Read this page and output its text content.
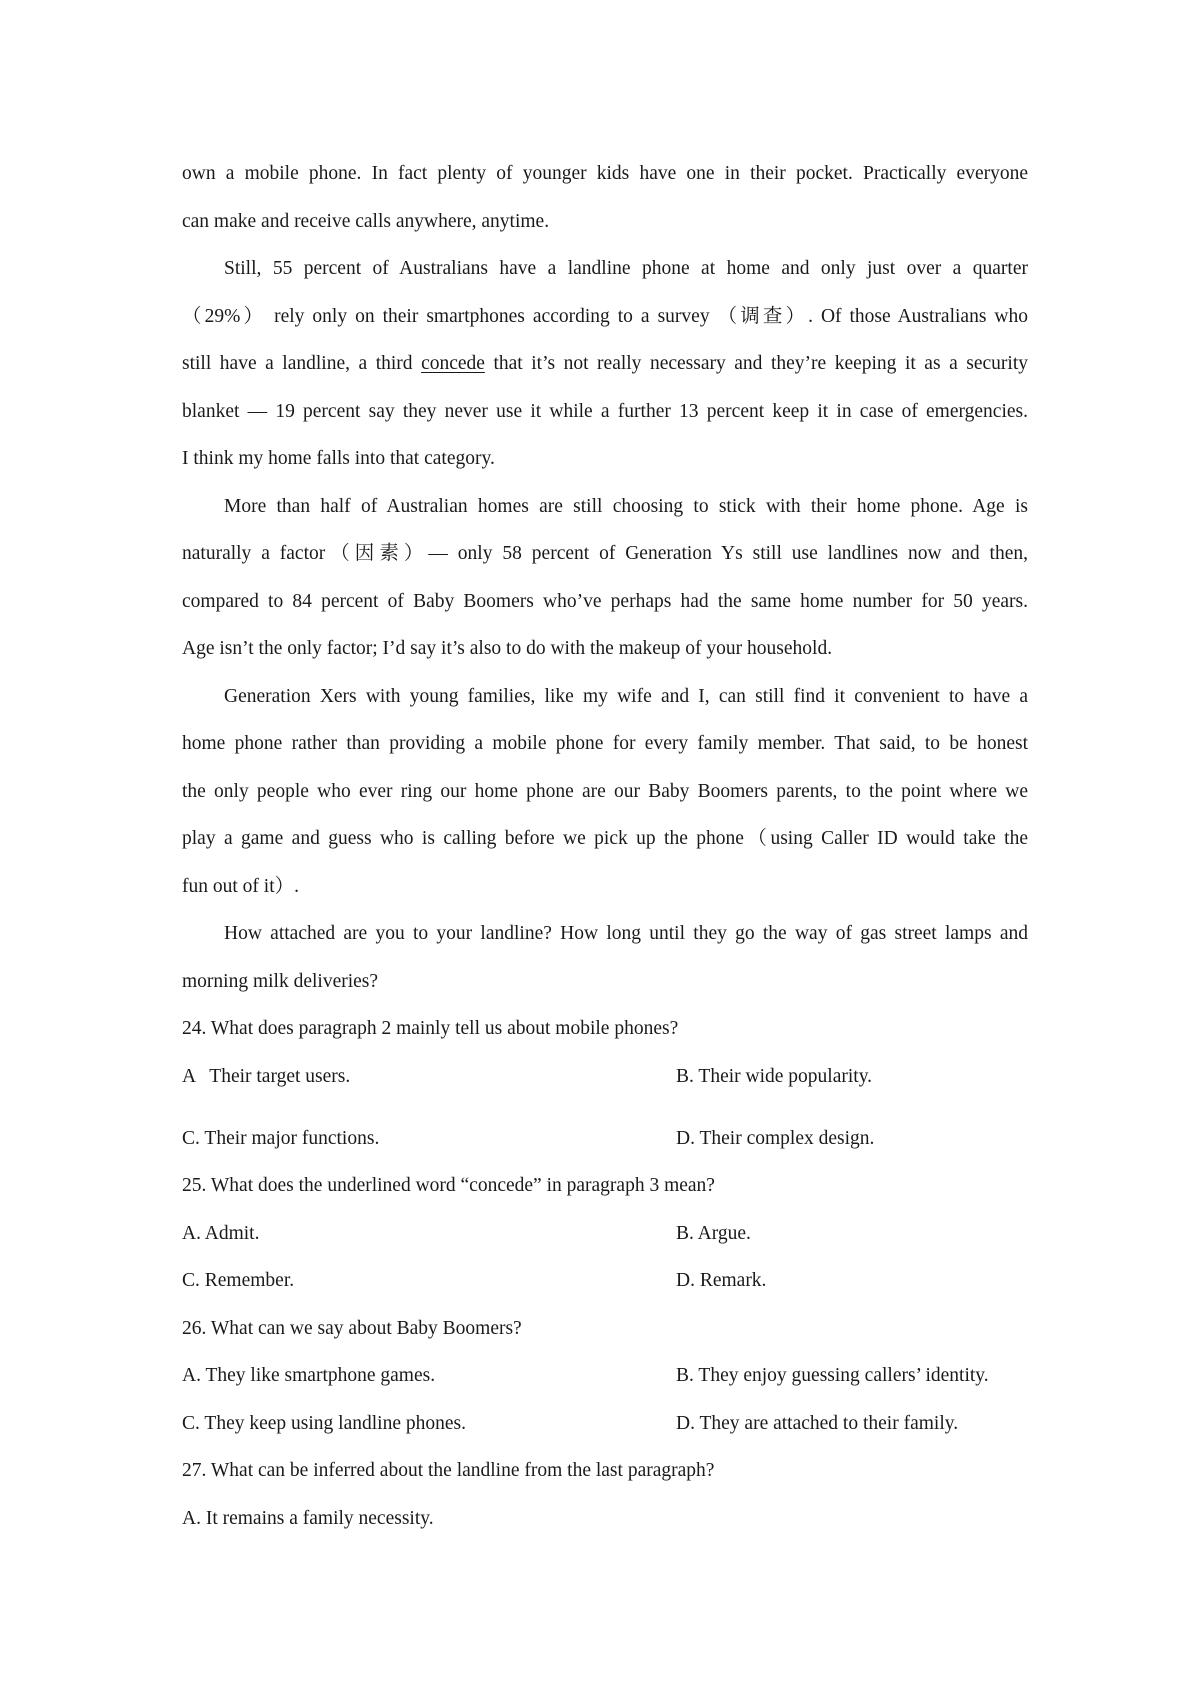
own a mobile phone. In fact plenty of younger kids have one in their pocket. Practically everyone
can make and receive calls anywhere, anytime.
Still, 55 percent of Australians have a landline phone at home and only just over a quarter
（29%） rely only on their smartphones according to a survey （调查）. Of those Australians who
still have a landline, a third concede that it’s not really necessary and they’re keeping it as a security
blanket — 19 percent say they never use it while a further 13 percent keep it in case of emergencies.
I think my home falls into that category.
More than half of Australian homes are still choosing to stick with their home phone. Age is
naturally a factor（因素）— only 58 percent of Generation Ys still use landlines now and then,
compared to 84 percent of Baby Boomers who’ve perhaps had the same home number for 50 years.
Age isn’t the only factor; I’d say it’s also to do with the makeup of your household.
Generation Xers with young families, like my wife and I, can still find it convenient to have a
home phone rather than providing a mobile phone for every family member. That said, to be honest
the only people who ever ring our home phone are our Baby Boomers parents, to the point where we
play a game and guess who is calling before we pick up the phone（using Caller ID would take the
fun out of it）.
How attached are you to your landline? How long until they go the way of gas street lamps and
morning milk deliveries?
24. What does paragraph 2 mainly tell us about mobile phones?
A   Their target users.	B. Their wide popularity.
C. Their major functions.	D. Their complex design.
25. What does the underlined word “concede” in paragraph 3 mean?
A. Admit.	B. Argue.
C. Remember.	D. Remark.
26. What can we say about Baby Boomers?
A. They like smartphone games.	B. They enjoy guessing callers’ identity.
C. They keep using landline phones.	D. They are attached to their family.
27. What can be inferred about the landline from the last paragraph?
A. It remains a family necessity.
